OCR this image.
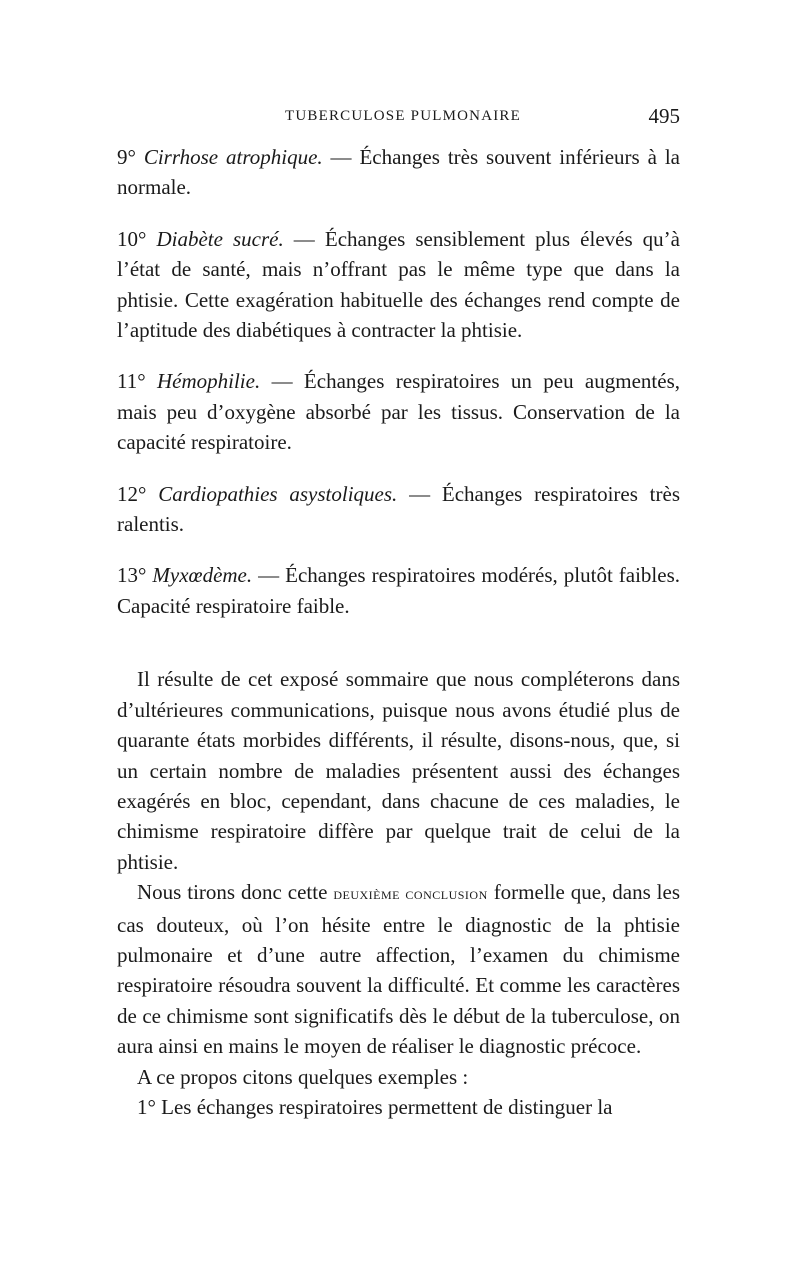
TUBERCULOSE PULMONAIRE	495

9° Cirrhose atrophique. — Échanges très souvent inférieurs à la normale.

10° Diabète sucré. — Échanges sensiblement plus élevés qu’à l’état de santé, mais n’offrant pas le même type que dans la phtisie. Cette exagération habituelle des échanges rend compte de l’aptitude des diabétiques à contracter la phtisie.

11° Hémophilie. — Échanges respiratoires un peu augmentés, mais peu d’oxygène absorbé par les tissus. Conservation de la capacité respiratoire.

12° Cardiopathies asystoliques. — Échanges respiratoires très ralentis.

13° Myxœdème. — Échanges respiratoires modérés, plutôt faibles. Capacité respiratoire faible.

Il résulte de cet exposé sommaire que nous compléterons dans d’ultérieures communications, puisque nous avons étudié plus de quarante états morbides différents, il résulte, disons-nous, que, si un certain nombre de maladies présentent aussi des échanges exagérés en bloc, cependant, dans chacune de ces maladies, le chimisme respiratoire diffère par quelque trait de celui de la phtisie.

Nous tirons donc cette deuxième conclusion formelle que, dans les cas douteux, où l’on hésite entre le diagnostic de la phtisie pulmonaire et d’une autre affection, l’examen du chimisme respiratoire résoudra souvent la difficulté. Et comme les caractères de ce chimisme sont significatifs dès le début de la tuberculose, on aura ainsi en mains le moyen de réaliser le diagnostic précoce.

A ce propos citons quelques exemples :

1° Les échanges respiratoires permettent de distinguer la
